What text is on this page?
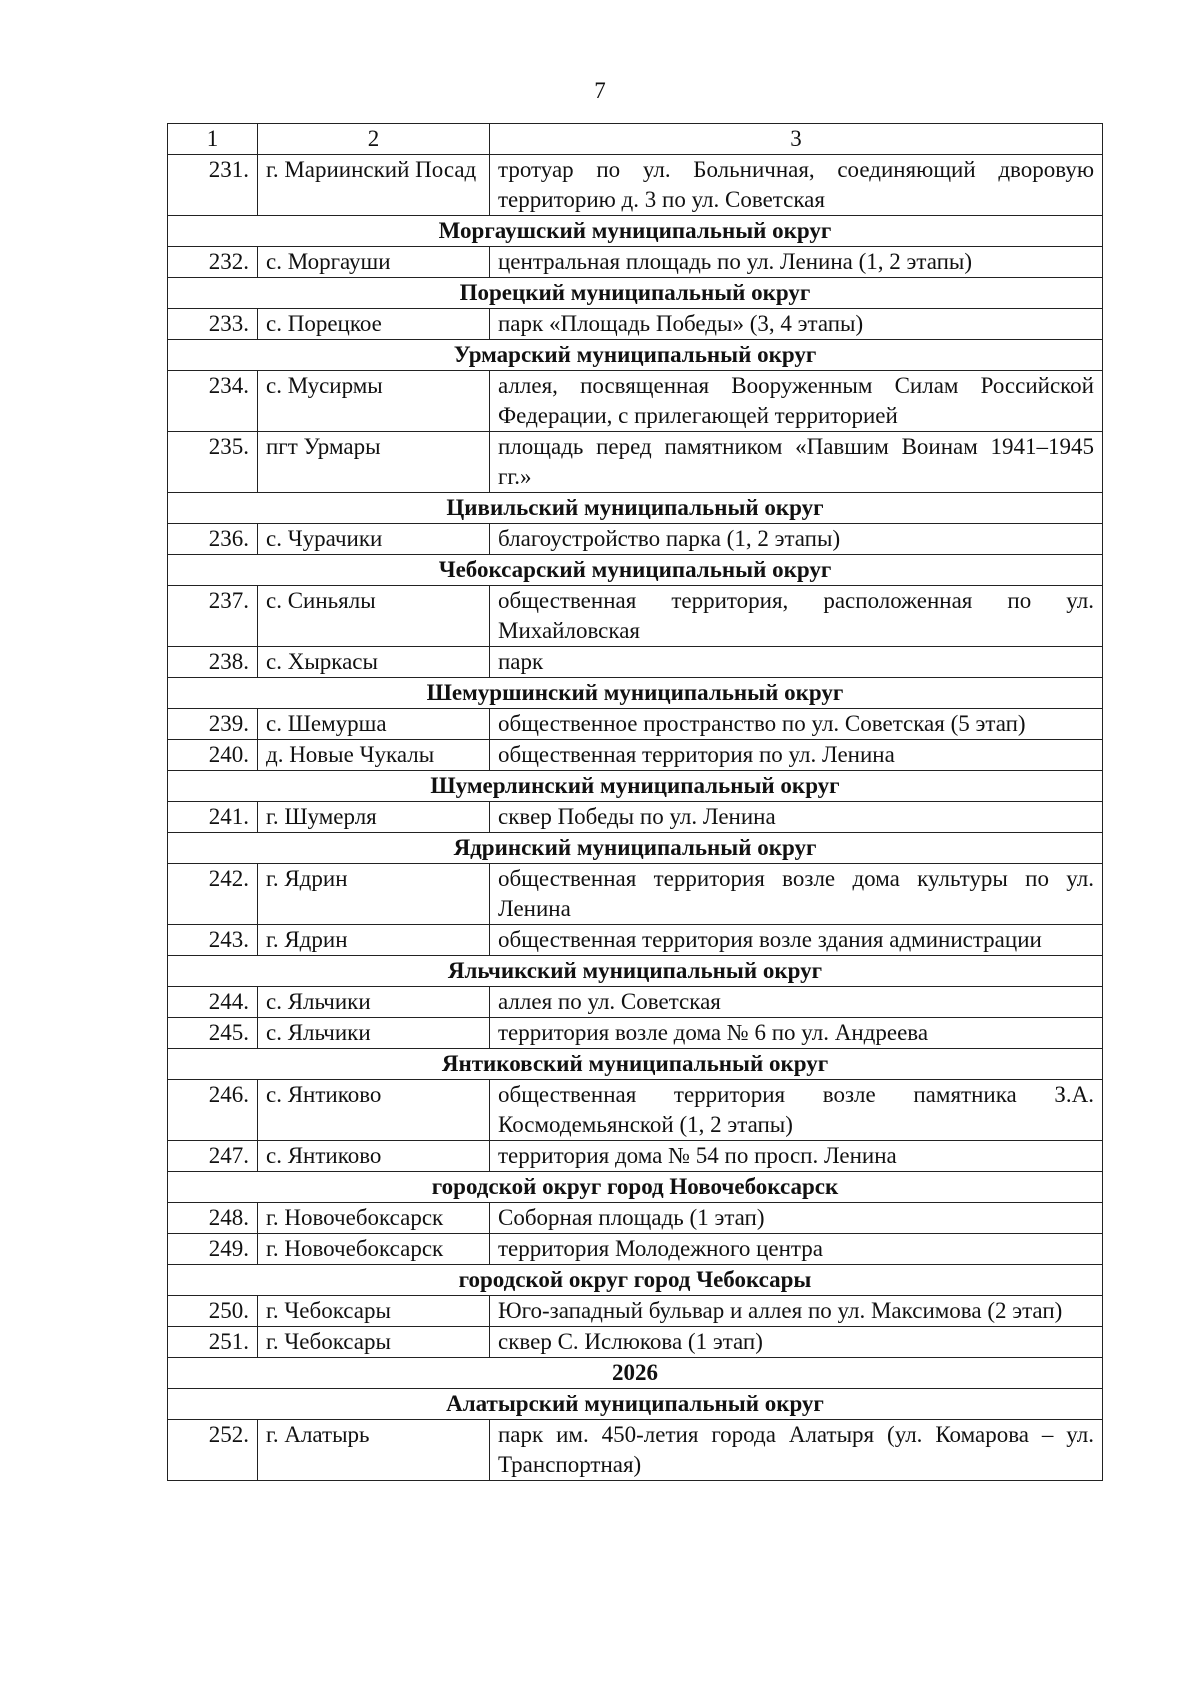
7
1	2	3
231.	г. Мариинский Посад	тротуар по ул. Больничная, соединяющий дворовую территорию д. 3 по ул. Советская
Моргаушский муниципальный округ		
232.	с. Моргауши	центральная площадь по ул. Ленина (1, 2 этапы)
Порецкий муниципальный округ		
233.	с. Порецкое	парк «Площадь Победы» (3, 4 этапы)
Урмарский муниципальный округ		
234.	с. Мусирмы	аллея, посвященная Вооруженным Силам Российской Федерации, с прилегающей территорией
235.	пгт Урмары	площадь перед памятником «Павшим Воинам 1941–1945 гг.»
Цивильский муниципальный округ		
236.	с. Чурачики	благоустройство парка (1, 2 этапы)
Чебоксарский муниципальный округ		
237.	с. Синьялы	общественная территория, расположенная по ул. Михайловская
238.	с. Хыркасы	парк
Шемуршинский муниципальный округ		
239.	с. Шемурша	общественное пространство по ул. Советская (5 этап)
240.	д. Новые Чукалы	общественная территория по ул. Ленина
Шумерлинский муниципальный округ		
241.	г. Шумерля	сквер Победы по ул. Ленина
Ядринский муниципальный округ		
242.	г. Ядрин	общественная территория возле дома культуры по ул. Ленина
243.	г. Ядрин	общественная территория возле здания администрации
Яльчикский муниципальный округ		
244.	с. Яльчики	аллея по ул. Советская
245.	с. Яльчики	территория возле дома № 6 по ул. Андреева
Янтиковский муниципальный округ		
246.	с. Янтиково	общественная территория возле памятника З.А. Космодемьянской (1, 2 этапы)
247.	с. Янтиково	территория дома № 54 по просп. Ленина
городской округ город Новочебоксарск		
248.	г. Новочебоксарск	Соборная площадь (1 этап)
249.	г. Новочебоксарск	территория Молодежного центра
городской округ город Чебоксары		
250.	г. Чебоксары	Юго-западный бульвар и аллея по ул. Максимова (2 этап)
251.	г. Чебоксары	сквер С. Ислюкова (1 этап)
2026		
Алатырский муниципальный округ		
252.	г. Алатырь	парк им. 450-летия города Алатыря (ул. Комарова – ул. Транспортная)
